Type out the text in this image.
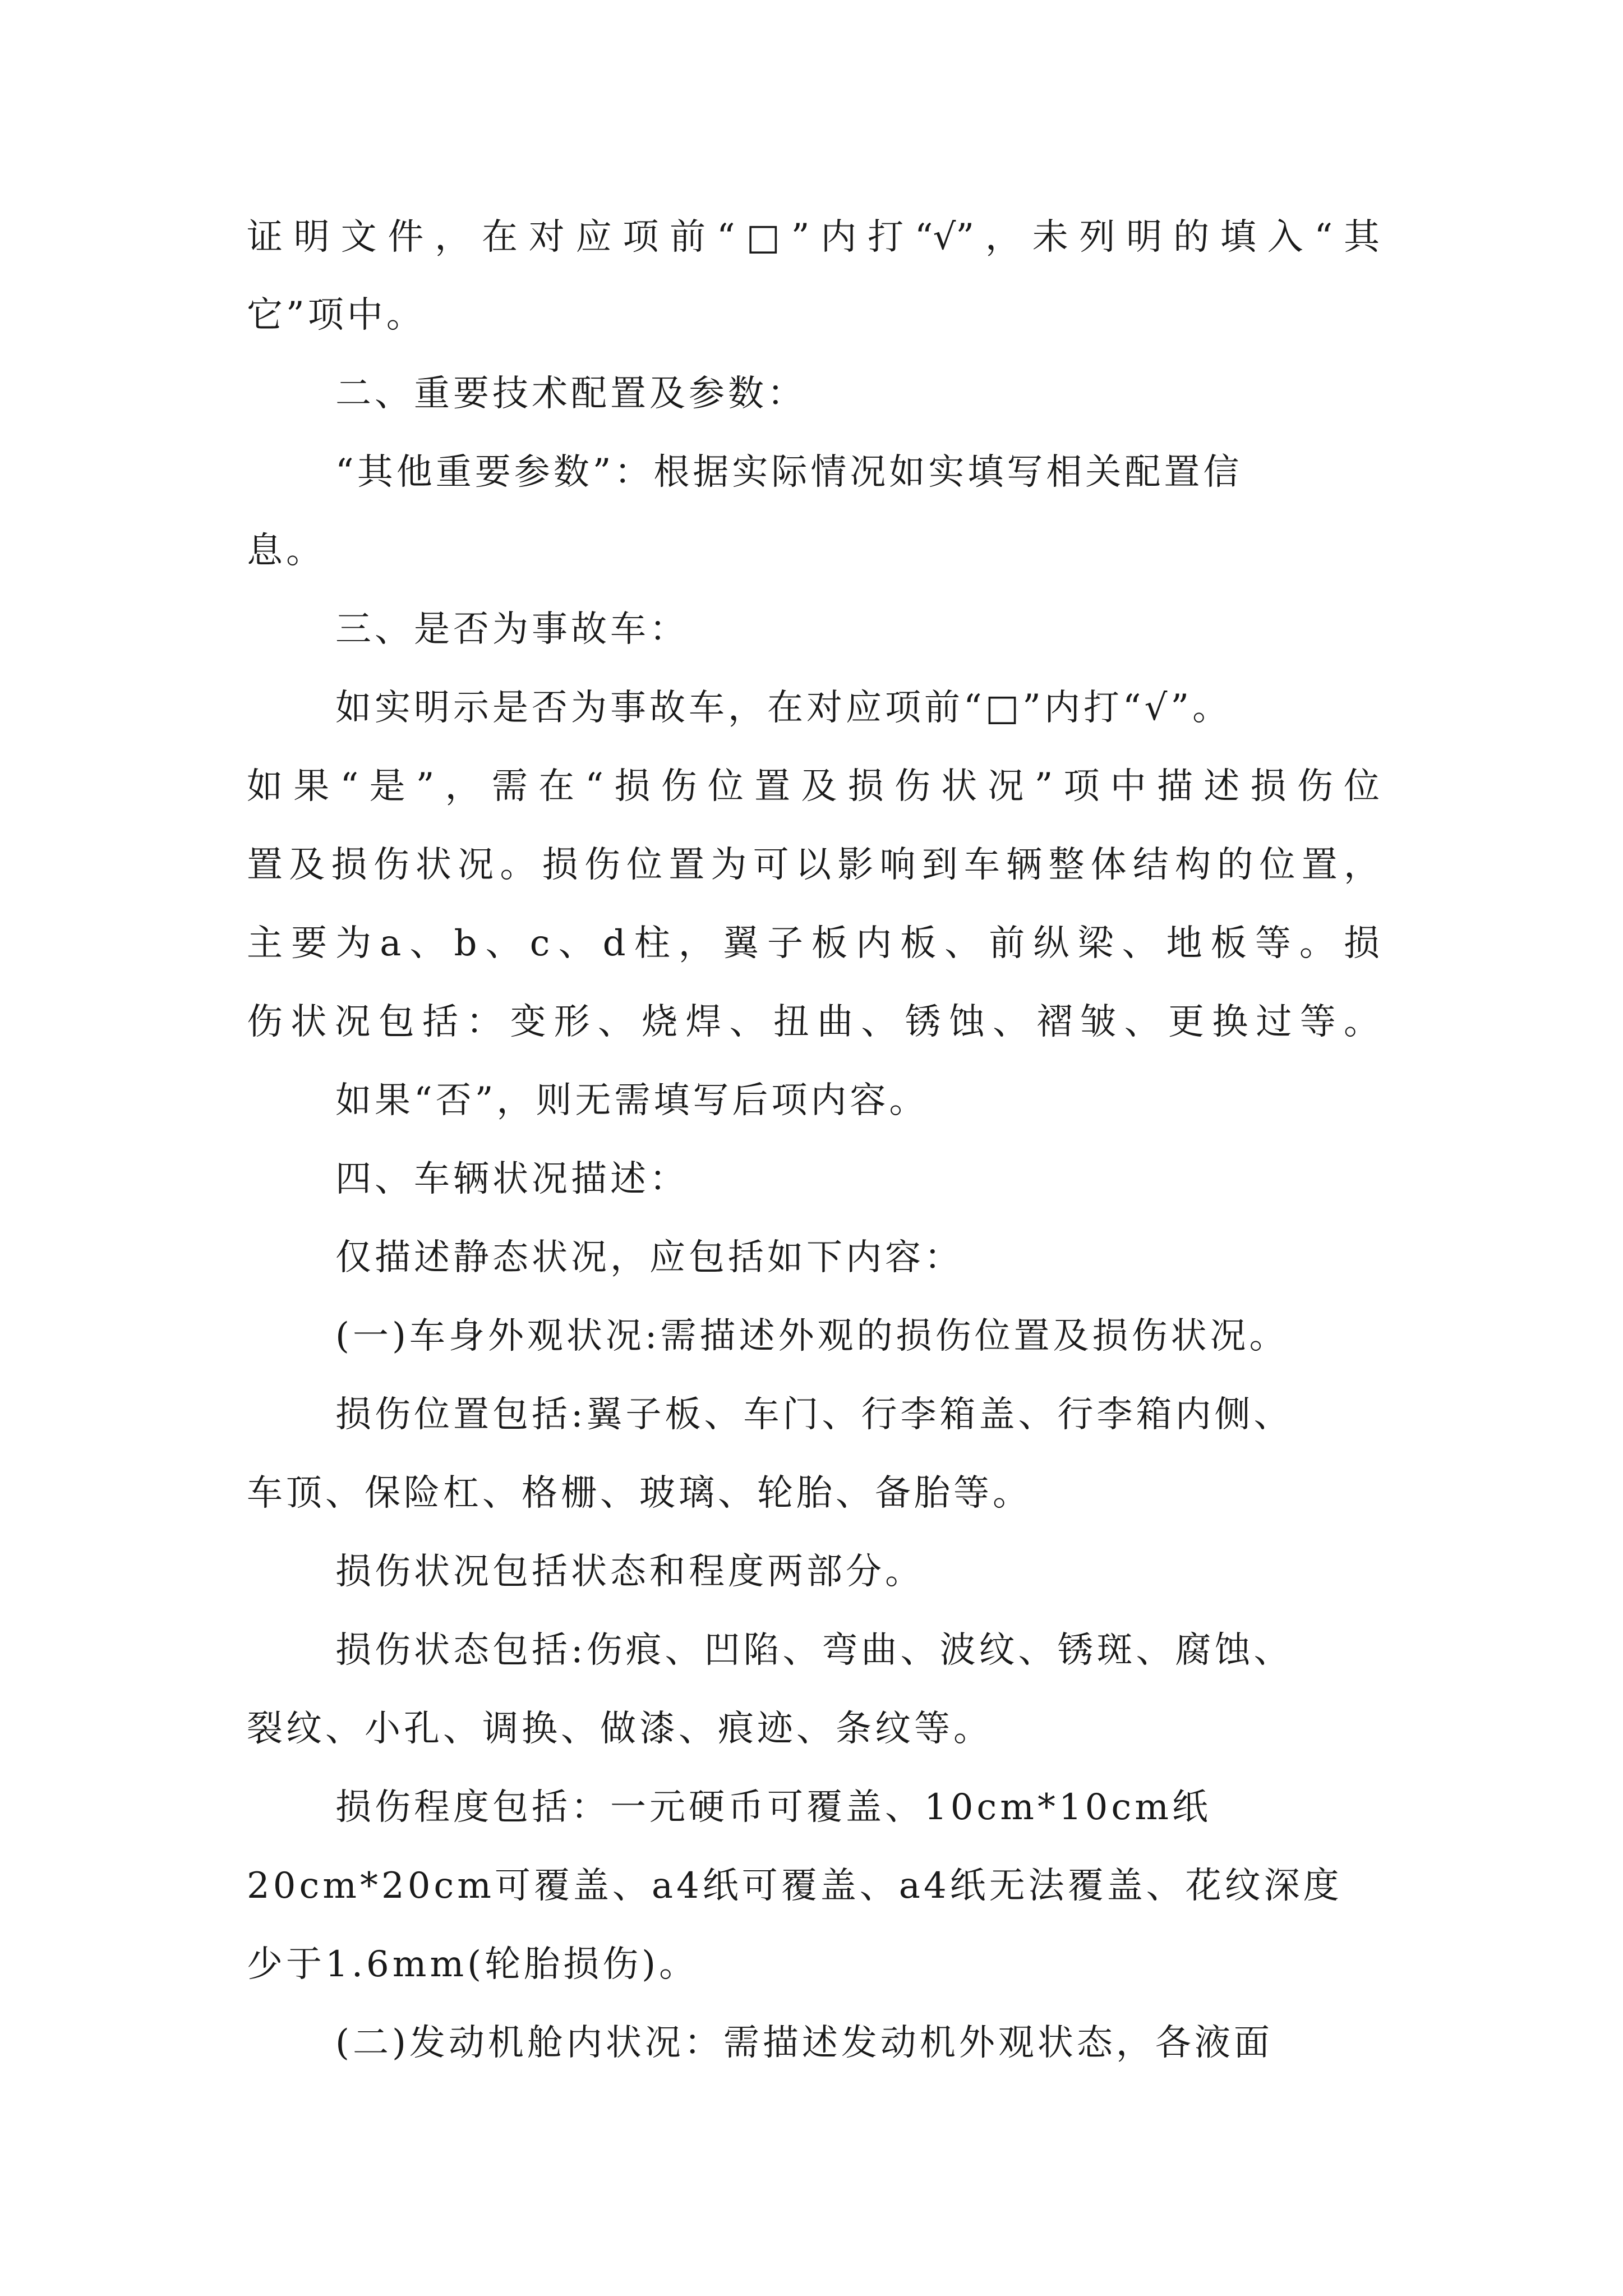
证明文件，在对应项前“□”内打“√”，未列明的填入“其
它”项中。
二、重要技术配置及参数：
“其他重要参数”：根据实际情况如实填写相关配置信
息。
三、是否为事故车：
如实明示是否为事故车，在对应项前“□”内打“√”。
如果“是”，需在“损伤位置及损伤状况”项中描述损伤位
置及损伤状况。损伤位置为可以影响到车辆整体结构的位置，
主要为a、b、c、d柱，翼子板内板、前纵梁、地板等。损
伤状况包括：变形、烧焊、扭曲、锈蚀、褶皱、更换过等。
如果“否”，则无需填写后项内容。
四、车辆状况描述：
仅描述静态状况，应包括如下内容：
(一)车身外观状况:需描述外观的损伤位置及损伤状况。
损伤位置包括:翼子板、车门、行李箱盖、行李箱内侧、
车顶、保险杠、格栅、玻璃、轮胎、备胎等。
损伤状况包括状态和程度两部分。
损伤状态包括:伤痕、凹陷、弯曲、波纹、锈斑、腐蚀、
裂纹、小孔、调换、做漆、痕迹、条纹等。
损伤程度包括：一元硬币可覆盖、10cm*10cm纸
20cm*20cm可覆盖、a4纸可覆盖、a4纸无法覆盖、花纹深度
少于1.6mm(轮胎损伤)。
(二)发动机舱内状况：需描述发动机外观状态，各液面
